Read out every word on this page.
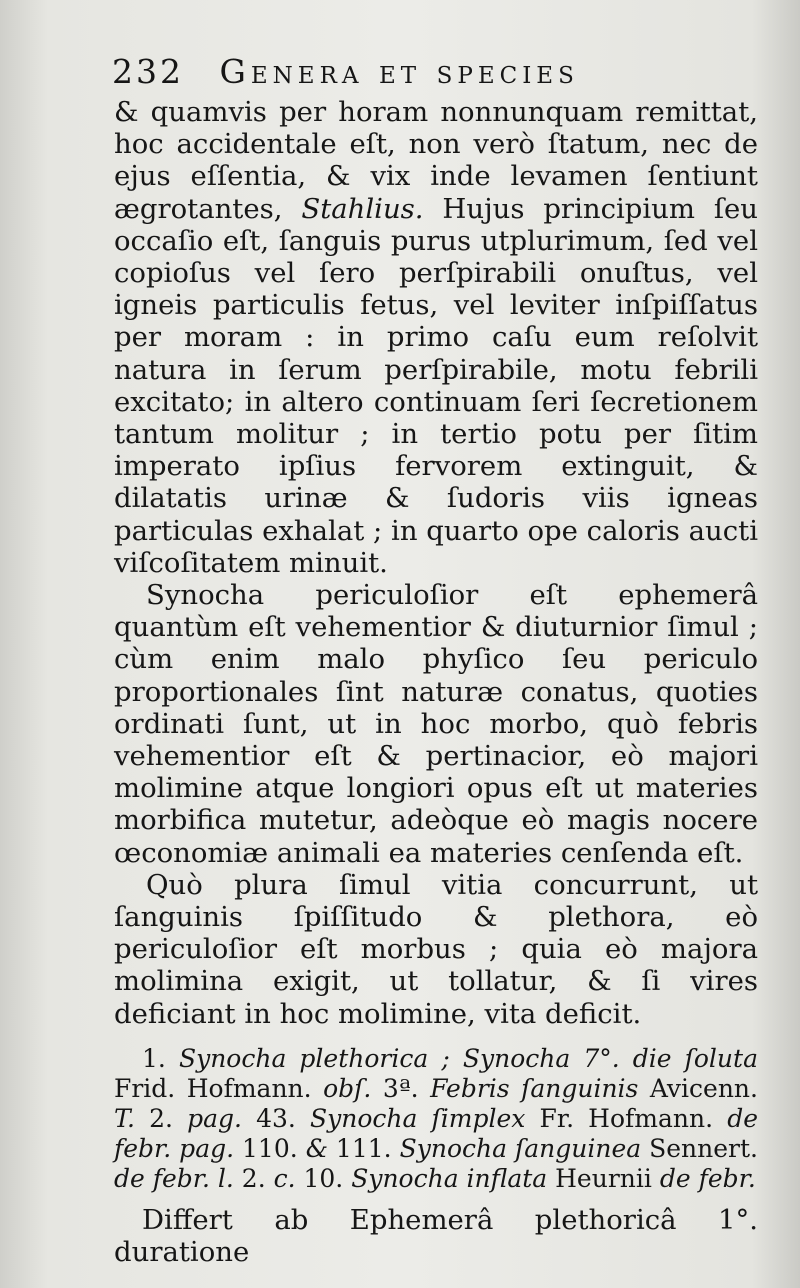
232 Genera et species

& quamvis per horam nonnunquam remittat, hoc accidentale eſt, non verò ſtatum, nec de ejus eſſentia, & vix inde levamen ſentiunt ægrotantes, Stahlius. Hujus principium ſeu occaſio eſt, ſanguis purus utplurimum, ſed vel copioſus vel ſero perſpirabili onuſtus, vel igneis particulis fetus, vel leviter inſpiſſatus per moram : in primo caſu eum reſolvit natura in ſerum perſpirabile, motu febrili excitato; in altero continuam ſeri ſecretionem tantum molitur ; in tertio potu per ſitim imperato ipſius fervorem extinguit, & dilatatis urinæ & ſudoris viis igneas particulas exhalat ; in quarto ope caloris aucti viſcoſitatem minuit.

Synocha periculoſior eſt ephemerâ quantùm eſt vehementior & diuturnior ſimul ; cùm enim malo phyſico ſeu periculo proportionales ſint naturæ conatus, quoties ordinati ſunt, ut in hoc morbo, quò febris vehementior eſt & pertinacior, eò majori molimine atque longiori opus eſt ut materies morbifica mutetur, adeòque eò magis nocere œconomiæ animali ea materies cenſenda eſt.

Quò plura ſimul vitia concurrunt, ut ſanguinis ſpiſſitudo & plethora, eò periculoſior eſt morbus ; quia eò majora molimina exigit, ut tollatur, & ſi vires deficiant in hoc molimine, vita deficit.

1. Synocha plethorica ; Synocha 7°. die ſoluta Frid. Hofmann. obſ. 3ª. Febris ſanguinis Avicenn. T. 2. pag. 43. Synocha ſimplex Fr. Hofmann. de febr. pag. 110. & 111. Synocha ſanguinea Sennert. de febr. l. 2. c. 10. Synocha inflata Heurnii de febr.

Differt ab Ephemerâ plethoricâ 1°. duratione
